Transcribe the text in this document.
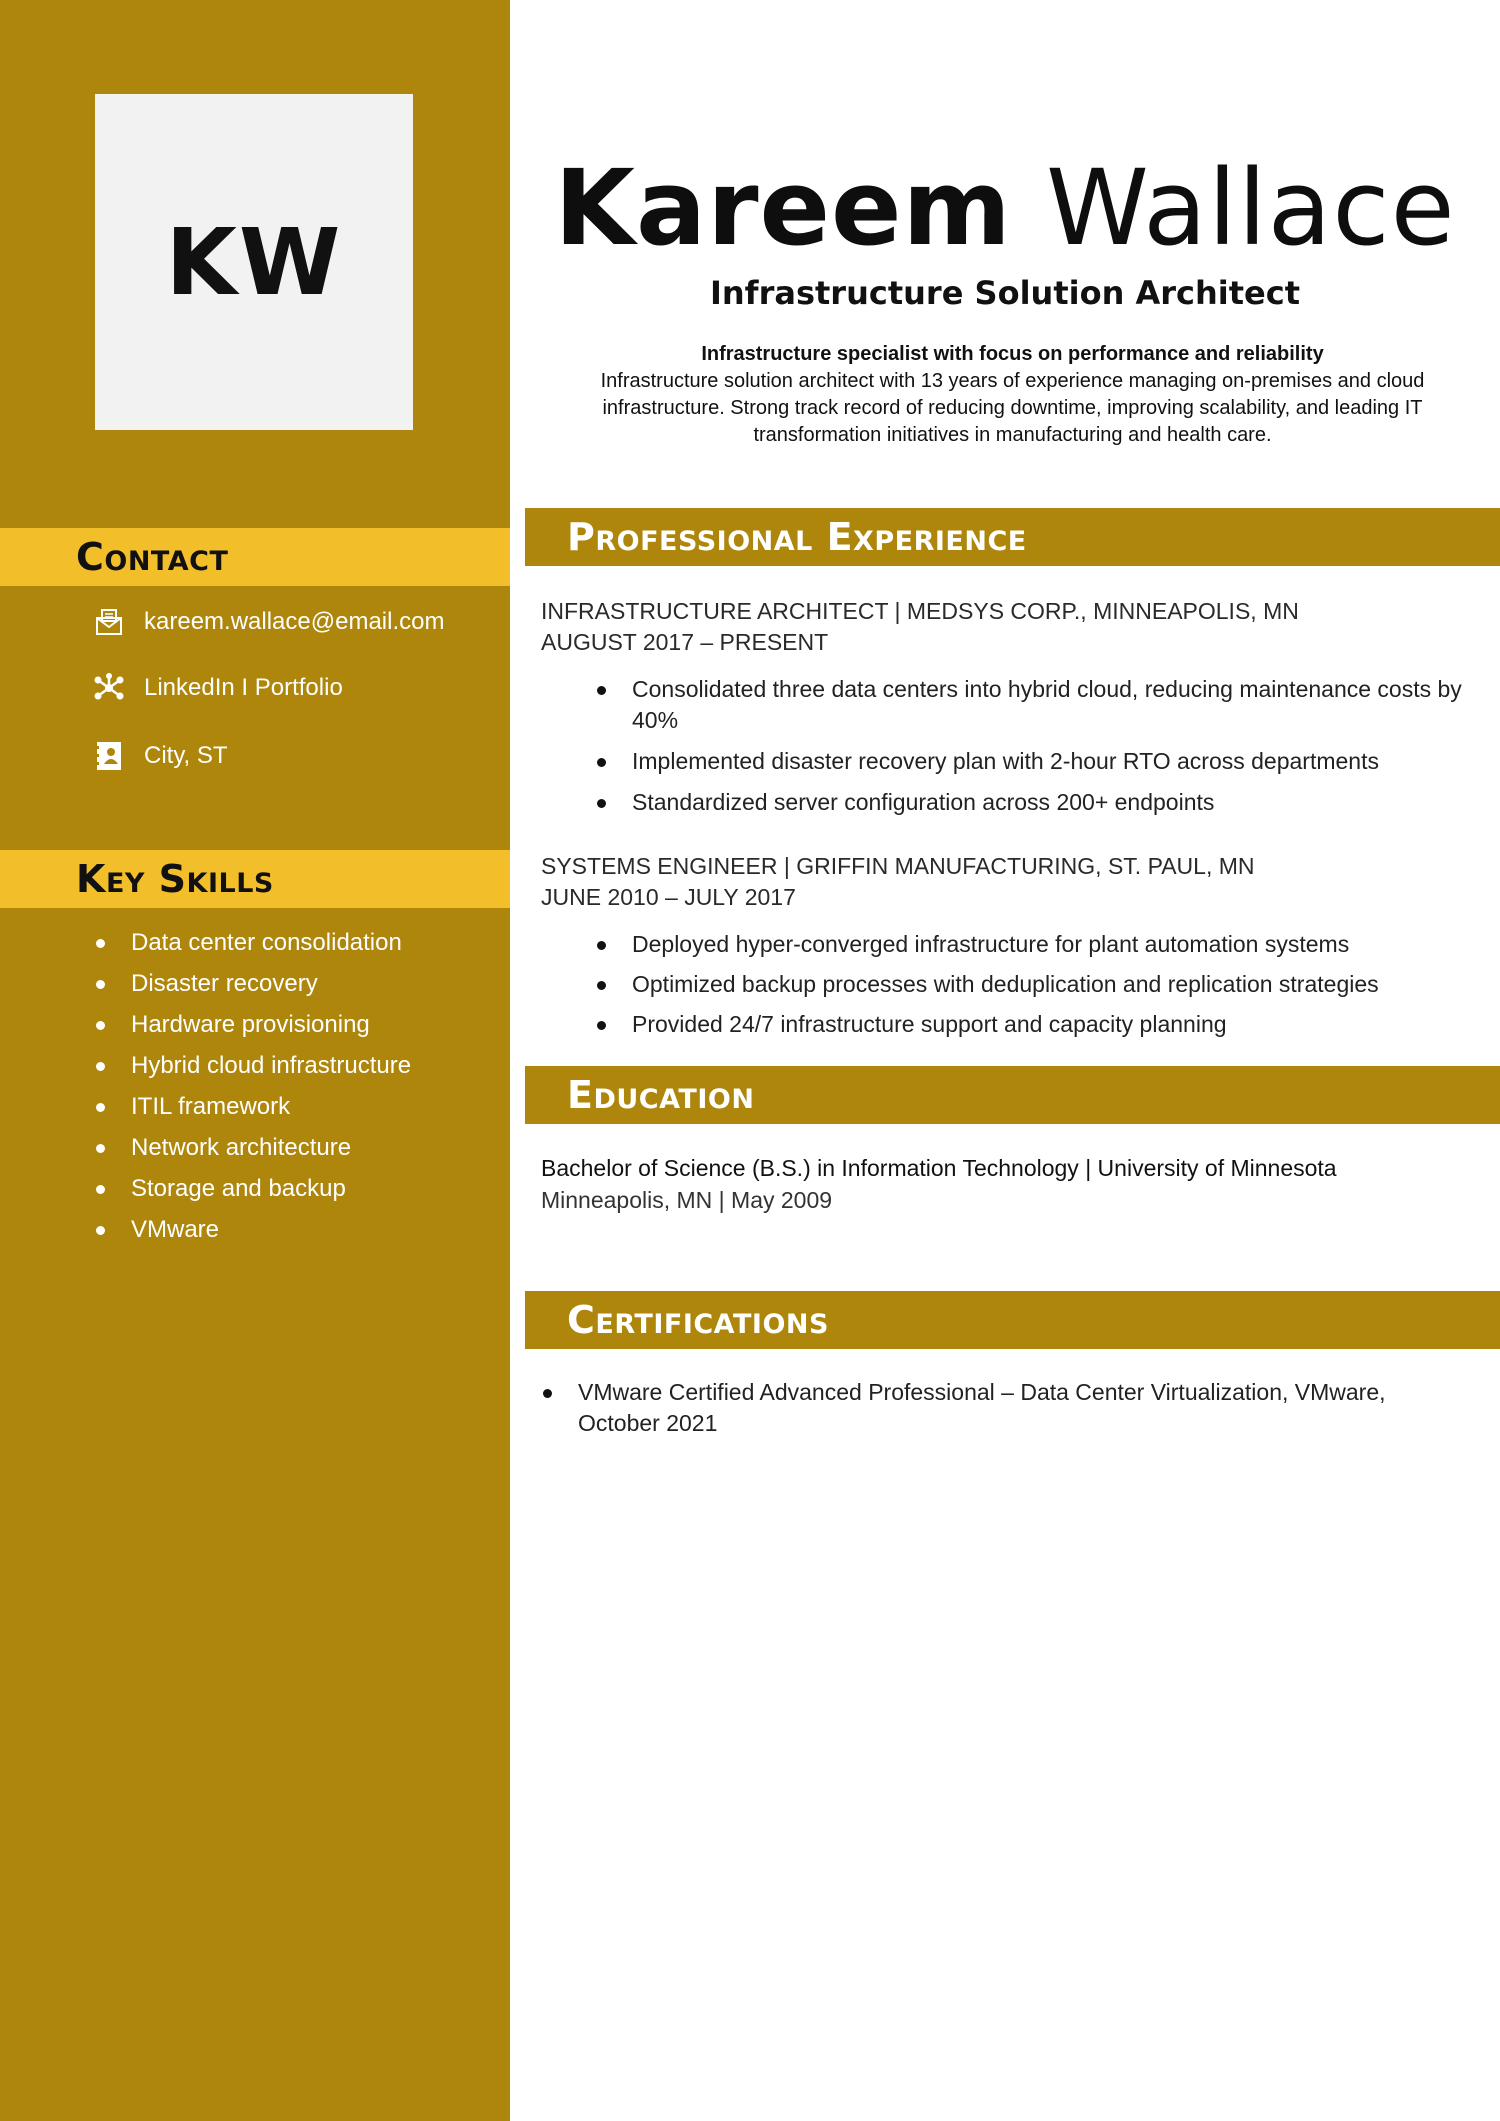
KW
Contact
kareem.wallace@email.com
LinkedIn I Portfolio
City, ST
Key Skills
Data center consolidation
Disaster recovery
Hardware provisioning
Hybrid cloud infrastructure
ITIL framework
Network architecture
Storage and backup
VMware
Kareem Wallace
Infrastructure Solution Architect
Infrastructure specialist with focus on performance and reliability
Infrastructure solution architect with 13 years of experience managing on-premises and cloud infrastructure. Strong track record of reducing downtime, improving scalability, and leading IT transformation initiatives in manufacturing and health care.
Professional Experience
INFRASTRUCTURE ARCHITECT | MEDSYS CORP., MINNEAPOLIS, MN
AUGUST 2017 – PRESENT
Consolidated three data centers into hybrid cloud, reducing maintenance costs by 40%
Implemented disaster recovery plan with 2-hour RTO across departments
Standardized server configuration across 200+ endpoints
SYSTEMS ENGINEER | GRIFFIN MANUFACTURING, ST. PAUL, MN
JUNE 2010 – JULY 2017
Deployed hyper-converged infrastructure for plant automation systems
Optimized backup processes with deduplication and replication strategies
Provided 24/7 infrastructure support and capacity planning
Education
Bachelor of Science (B.S.) in Information Technology | University of Minnesota
Minneapolis, MN | May 2009
Certifications
VMware Certified Advanced Professional – Data Center Virtualization, VMware, October 2021
